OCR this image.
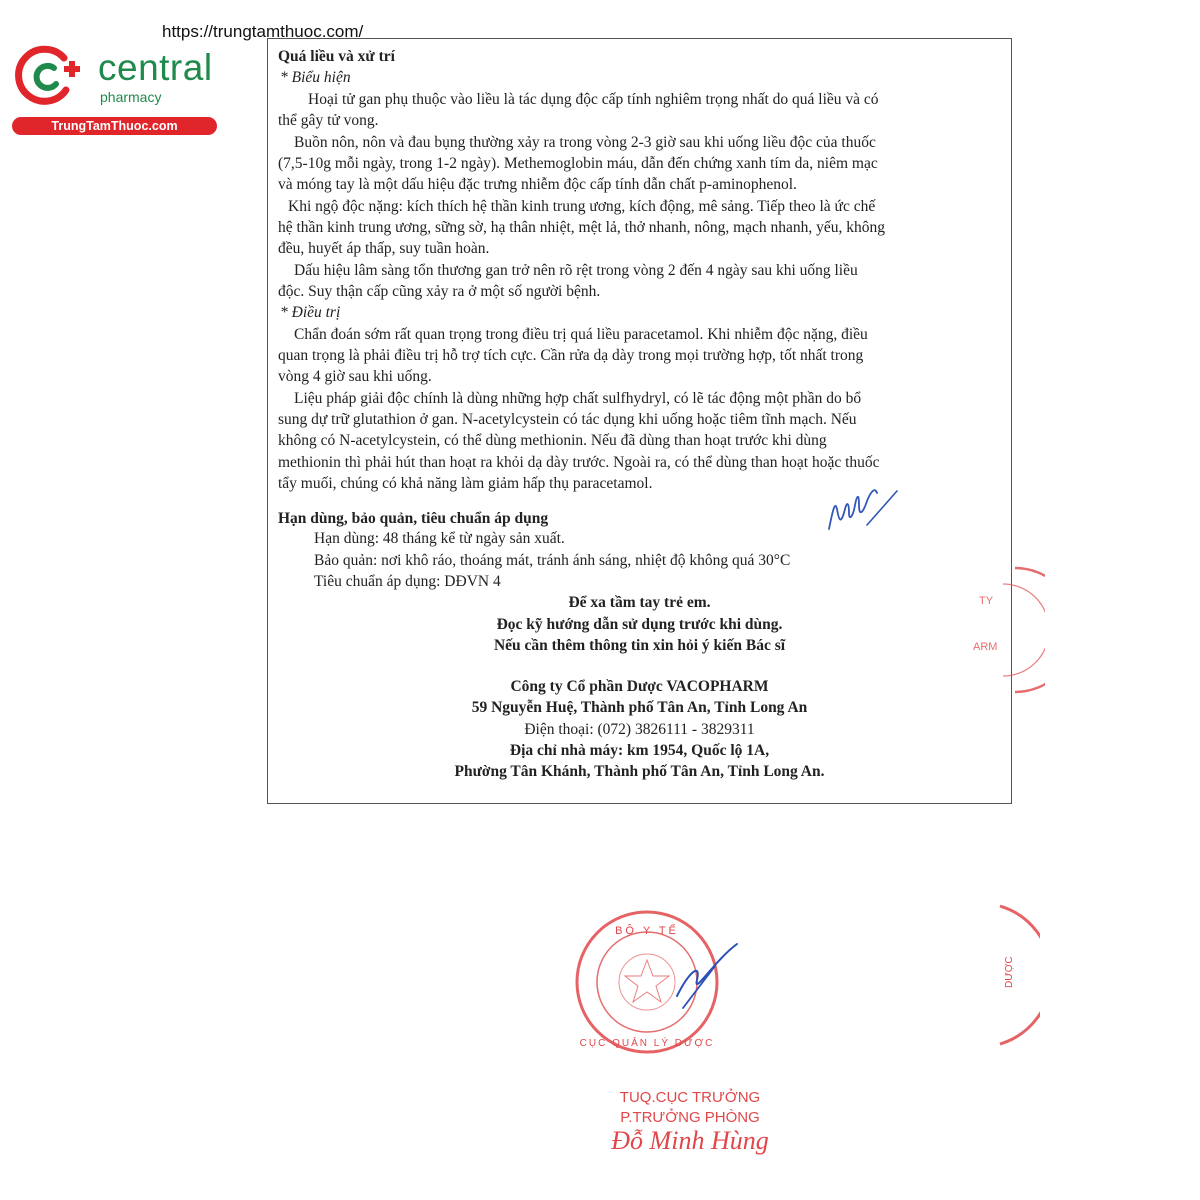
central
pharmacy
TrungTamThuoc.com
https://trungtamthuoc.com/
Quá liều và xử trí
* Biểu hiện
Hoại tử gan phụ thuộc vào liều là tác dụng độc cấp tính nghiêm trọng nhất do quá liều và có
thể gây tử vong.
Buồn nôn, nôn và đau bụng thường xảy ra trong vòng 2-3 giờ sau khi uống liều độc của thuốc
(7,5-10g mỗi ngày, trong 1-2 ngày). Methemoglobin máu, dẫn đến chứng xanh tím da, niêm mạc
và móng tay là một dấu hiệu đặc trưng nhiễm độc cấp tính dẫn chất p-aminophenol.
Khi ngộ độc nặng: kích thích hệ thần kinh trung ương, kích động, mê sảng. Tiếp theo là ức chế
hệ thần kinh trung ương, sững sờ, hạ thân nhiệt, mệt lả, thở nhanh, nông, mạch nhanh, yếu, không
đều, huyết áp thấp, suy tuần hoàn.
Dấu hiệu lâm sàng tổn thương gan trở nên rõ rệt trong vòng 2 đến 4 ngày sau khi uống liều
độc. Suy thận cấp cũng xảy ra ở một số người bệnh.
* Điều trị
Chẩn đoán sớm rất quan trọng trong điều trị quá liều paracetamol. Khi nhiễm độc nặng, điều
quan trọng là phải điều trị hỗ trợ tích cực. Cần rửa dạ dày trong mọi trường hợp, tốt nhất trong
vòng 4 giờ sau khi uống.
Liệu pháp giải độc chính là dùng những hợp chất sulfhydryl, có lẽ tác động một phần do bổ
sung dự trữ glutathion ở gan. N-acetylcystein có tác dụng khi uống hoặc tiêm tĩnh mạch. Nếu
không có N-acetylcystein, có thể dùng methionin. Nếu đã dùng than hoạt trước khi dùng
methionin thì phải hút than hoạt ra khỏi dạ dày trước. Ngoài ra, có thể dùng than hoạt hoặc thuốc
tẩy muối, chúng có khả năng làm giảm hấp thụ paracetamol.
Hạn dùng, bảo quản, tiêu chuẩn áp dụng
Hạn dùng: 48 tháng kể từ ngày sản xuất.
Bảo quản: nơi khô ráo, thoáng mát, tránh ánh sáng, nhiệt độ không quá 30°C
Tiêu chuẩn áp dụng: DĐVN 4
Để xa tầm tay trẻ em.
Đọc kỹ hướng dẫn sử dụng trước khi dùng.
Nếu cần thêm thông tin xin hỏi ý kiến Bác sĩ
Công ty Cổ phần Dược VACOPHARM
59 Nguyễn Huệ, Thành phố Tân An, Tỉnh Long An
Điện thoại: (072) 3826111 - 3829311
Địa chỉ nhà máy: km 1954, Quốc lộ 1A,
Phường Tân Khánh, Thành phố Tân An, Tỉnh Long An.
TY
ARM
BỘ Y TẾ
CỤC QUẢN LÝ DƯỢC
DƯỢC
TUQ.CỤC TRƯỞNG
P.TRƯỞNG PHÒNG
Đỗ Minh Hùng
